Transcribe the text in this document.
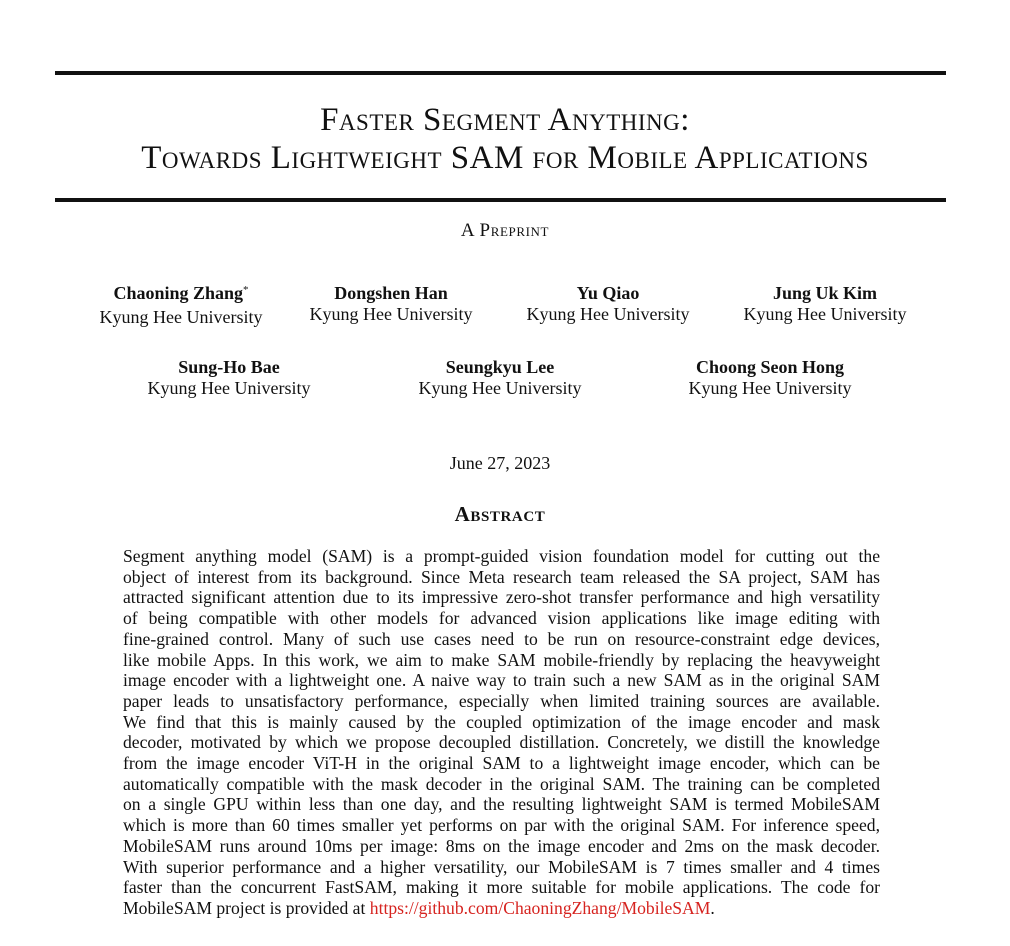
Faster Segment Anything:
Towards Lightweight SAM for Mobile Applications
A Preprint
Chaoning Zhang*
Kyung Hee University
Dongshen Han
Kyung Hee University
Yu Qiao
Kyung Hee University
Jung Uk Kim
Kyung Hee University
Sung-Ho Bae
Kyung Hee University
Seungkyu Lee
Kyung Hee University
Choong Seon Hong
Kyung Hee University
June 27, 2023
Abstract
Segment anything model (SAM) is a prompt-guided vision foundation model for cutting out the
object of interest from its background. Since Meta research team released the SA project, SAM has
attracted significant attention due to its impressive zero-shot transfer performance and high versatility
of being compatible with other models for advanced vision applications like image editing with
fine-grained control. Many of such use cases need to be run on resource-constraint edge devices,
like mobile Apps. In this work, we aim to make SAM mobile-friendly by replacing the heavyweight
image encoder with a lightweight one. A naive way to train such a new SAM as in the original SAM
paper leads to unsatisfactory performance, especially when limited training sources are available.
We find that this is mainly caused by the coupled optimization of the image encoder and mask
decoder, motivated by which we propose decoupled distillation. Concretely, we distill the knowledge
from the image encoder ViT-H in the original SAM to a lightweight image encoder, which can be
automatically compatible with the mask decoder in the original SAM. The training can be completed
on a single GPU within less than one day, and the resulting lightweight SAM is termed MobileSAM
which is more than 60 times smaller yet performs on par with the original SAM. For inference speed,
MobileSAM runs around 10ms per image: 8ms on the image encoder and 2ms on the mask decoder.
With superior performance and a higher versatility, our MobileSAM is 7 times smaller and 4 times
faster than the concurrent FastSAM, making it more suitable for mobile applications. The code for
MobileSAM project is provided at https://github.com/ChaoningZhang/MobileSAM.
